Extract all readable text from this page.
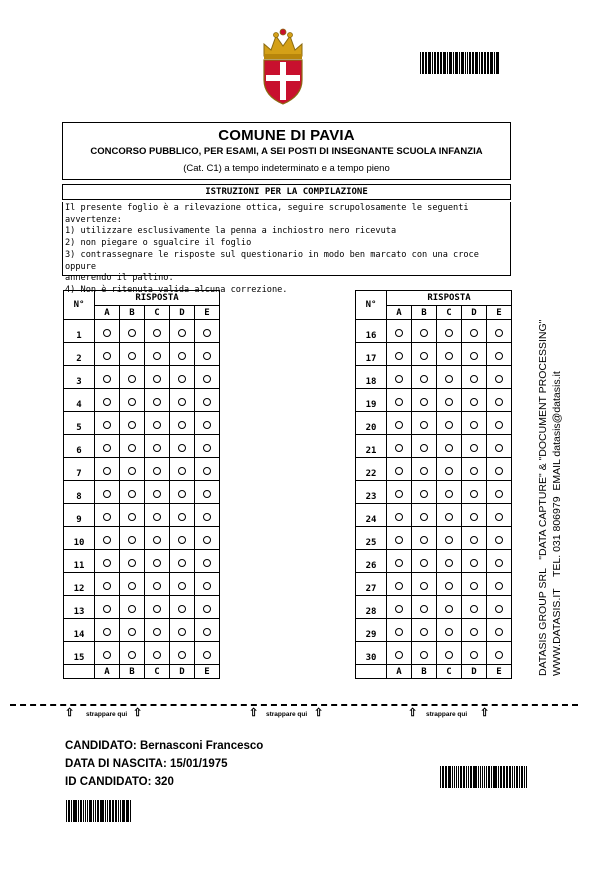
COMUNE DI PAVIA
CONCORSO PUBBLICO, PER ESAMI, A SEI POSTI DI INSEGNANTE SCUOLA INFANZIA
(Cat. C1) a tempo indeterminato e a tempo pieno
ISTRUZIONI PER LA COMPILAZIONE
Il presente foglio è a rilevazione ottica, seguire scrupolosamente le seguenti avvertenze:
1) utilizzare esclusivamente la penna a inchiostro nero ricevuta
2) non piegare o sgualcire il foglio
3) contrassegnare le risposte sul questionario in modo ben marcato con una croce oppure
annerendo il pallino.
4) Non è ritenuta valida alcuna correzione.
N°	RISPOSTA				
	A	B	C	D	E
1					
2					
3					
4					
5					
6					
7					
8					
9					
10					
11					
12					
13					
14					
15					
	A	B	C	D	E
N°	RISPOSTA				
	A	B	C	D	E
16					
17					
18					
19					
20					
21					
22					
23					
24					
25					
26					
27					
28					
29					
30					
	A	B	C	D	E	DATASIS GROUP SRL   "DATA CAPTURE" & "DOCUMENT PROCESSING" WWW.DATASIS.IT    TEL. 031 806979  EMAIL datasis@datasis.it
⇧ strappare qui ⇧	⇧ strappare qui ⇧	⇧ strappare qui ⇧
CANDIDATO: Bernasconi Francesco
DATA DI NASCITA: 15/01/1975
ID CANDIDATO: 320
